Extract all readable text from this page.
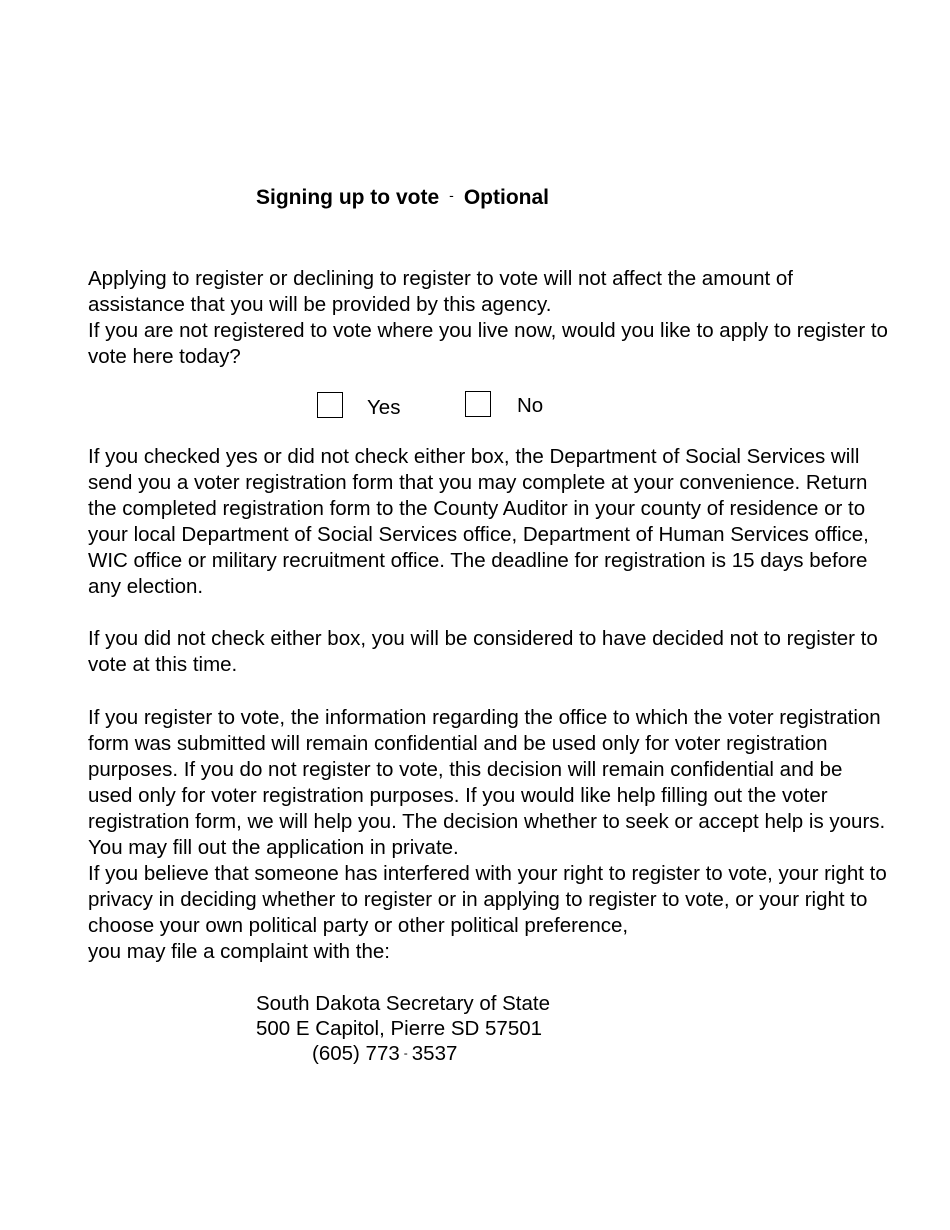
Signing up to vote - Optional

Applying to register or declining to register to vote will not affect the amount of assistance that you will be provided by this agency.

If you are not registered to vote where you live now, would you like to apply to register to vote here today?

Yes	No

If you checked yes or did not check either box, the Department of Social Services will send you a voter registration form that you may complete at your convenience. Return the completed registration form to the County Auditor in your county of residence or to your local Department of Social Services office, Department of Human Services office, WIC office or military recruitment office. The deadline for registration is 15 days before any election.

If you did not check either box, you will be considered to have decided not to register to vote at this time.

If you register to vote, the information regarding the office to which the voter registration form was submitted will remain confidential and be used only for voter registration purposes. If you do not register to vote, this decision will remain confidential and be used only for voter registration purposes. If you would like help filling out the voter registration form, we will help you. The decision whether to seek or accept help is yours. You may fill out the application in private.

If you believe that someone has interfered with your right to register to vote, your right to privacy in deciding whether to register or in applying to register to vote, or your right to choose your own political party or other political preference,

you may file a complaint with the:

South Dakota Secretary of State
500 E Capitol, Pierre SD 57501
(605) 773 - 3537
